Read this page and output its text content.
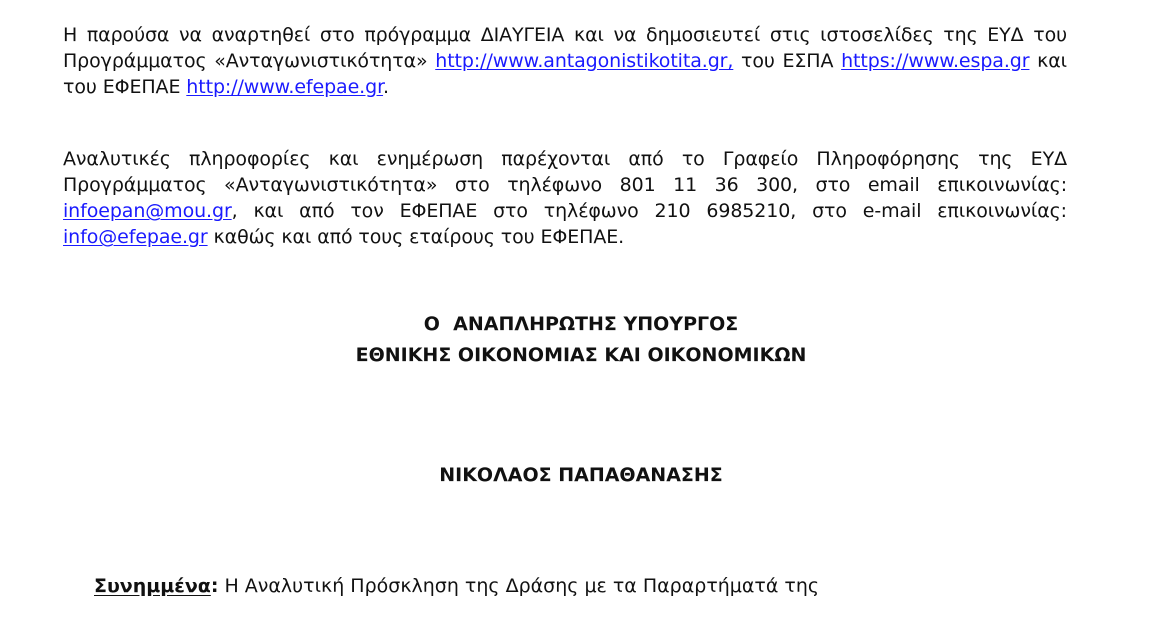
Η παρούσα να αναρτηθεί στο πρόγραμμα ΔΙΑΥΓΕΙΑ και να δημοσιευτεί στις ιστοσελίδες της ΕΥΔ του Προγράμματος «Ανταγωνιστικότητα» http://www.antagonistikotita.gr, του ΕΣΠΑ https://www.espa.gr και του ΕΦΕΠΑΕ http://www.efepae.gr.

Αναλυτικές πληροφορίες και ενημέρωση παρέχονται από το Γραφείο Πληροφόρησης της ΕΥΔ Προγράμματος «Ανταγωνιστικότητα» στο τηλέφωνο 801 11 36 300, στο email επικοινωνίας: infoepan@mou.gr, και από τον ΕΦΕΠΑΕ στο τηλέφωνο 210 6985210, στο e-mail επικοινωνίας: info@efepae.gr καθώς και από τους εταίρους του ΕΦΕΠΑΕ.

Ο  ΑΝΑΠΛΗΡΩΤΗΣ ΥΠΟΥΡΓΟΣ
ΕΘΝΙΚΗΣ ΟΙΚΟΝΟΜΙΑΣ ΚΑΙ ΟΙΚΟΝΟΜΙΚΩΝ
ΝΙΚΟΛΑΟΣ ΠΑΠΑΘΑΝΑΣΗΣ

Συνημμένα: Η Αναλυτική Πρόσκληση της Δράσης με τα Παραρτήματά της
